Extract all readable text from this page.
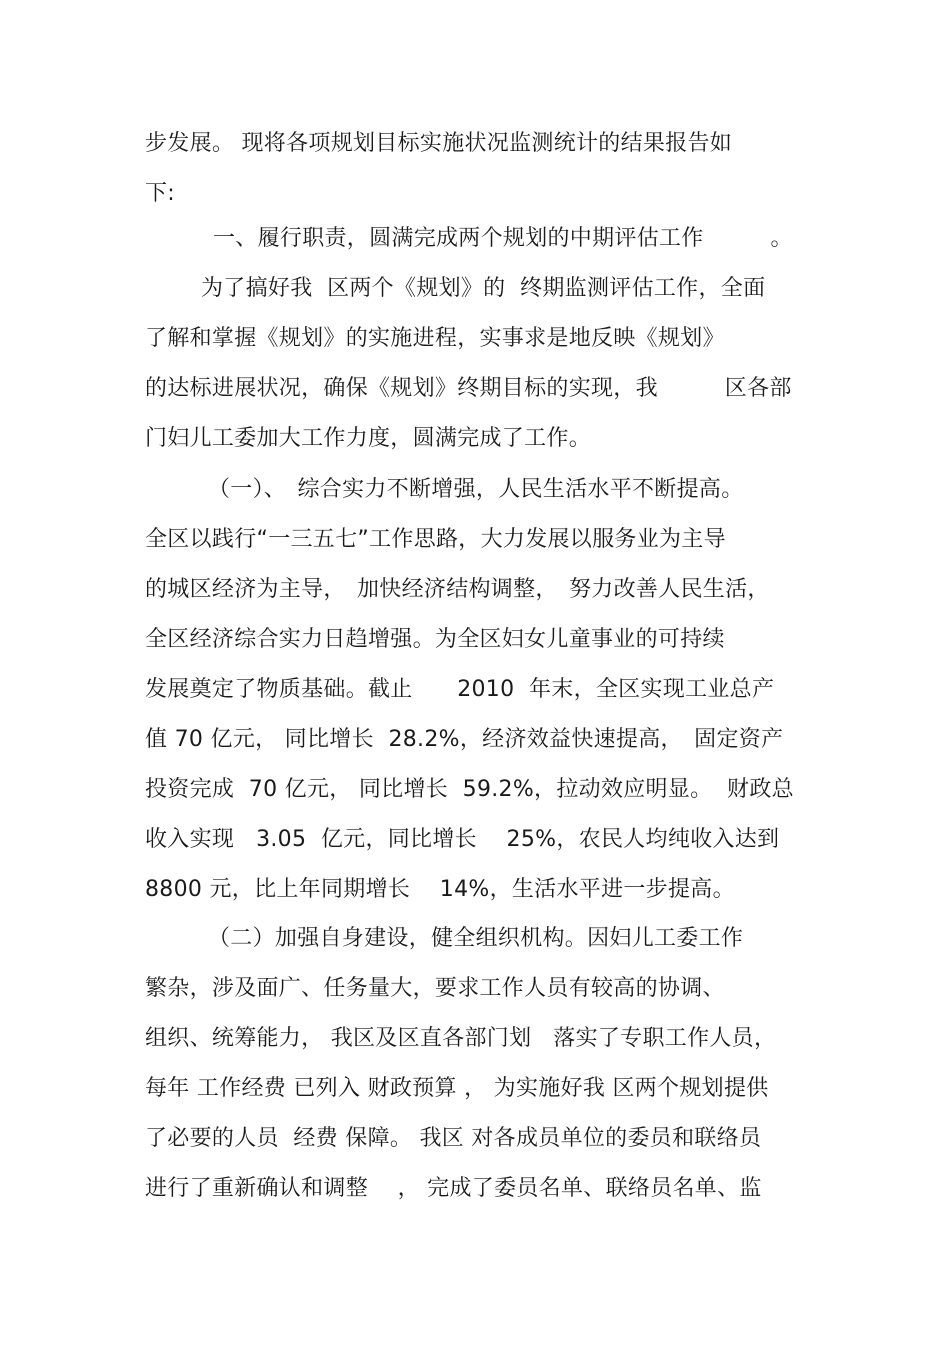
步发展。 现将各项规划目标实施状况监测统计的结果报告如

下:

一、履行职责，圆满完成两个规划的中期评估工作　　　。

为了搞好我  区两个《规划》的  终期监测评估工作，全面

了解和掌握《规划》的实施进程，实事求是地反映《规划》

的达标进展状况，确保《规划》终期目标的实现，我　　　区各部

门妇儿工委加大工作力度，圆满完成了工作。

（一）、　综合实力不断增强，人民生活水平不断提高。

全区以践行“一三五七”工作思路，大力发展以服务业为主导

的城区经济为主导，　加快经济结构调整，　努力改善人民生活，

全区经济综合实力日趋增强。为全区妇女儿童事业的可持续

发展奠定了物质基础。截止　　2010  年末，全区实现工业总产

值 70 亿元， 同比增长  28.2%，经济效益快速提高，　固定资产

投资完成  70 亿元， 同比增长  59.2%，拉动效应明显。  财政总

收入实现   3.05  亿元，同比增长　 25%，农民人均纯收入达到

8800 元，比上年同期增长　 14%，生活水平进一步提高。

（二）加强自身建设，健全组织机构。因妇儿工委工作

繁杂，涉及面广、任务量大，要求工作人员有较高的协调、

组织、统筹能力， 我区及区直各部门划   落实了专职工作人员，

每年 工作经费 已列入 财政预算 ， 为实施好我 区两个规划提供

了必要的人员  经费 保障。 我区 对各成员单位的委员和联络员

进行了重新确认和调整　 ， 完成了委员名单、联络员名单、监
